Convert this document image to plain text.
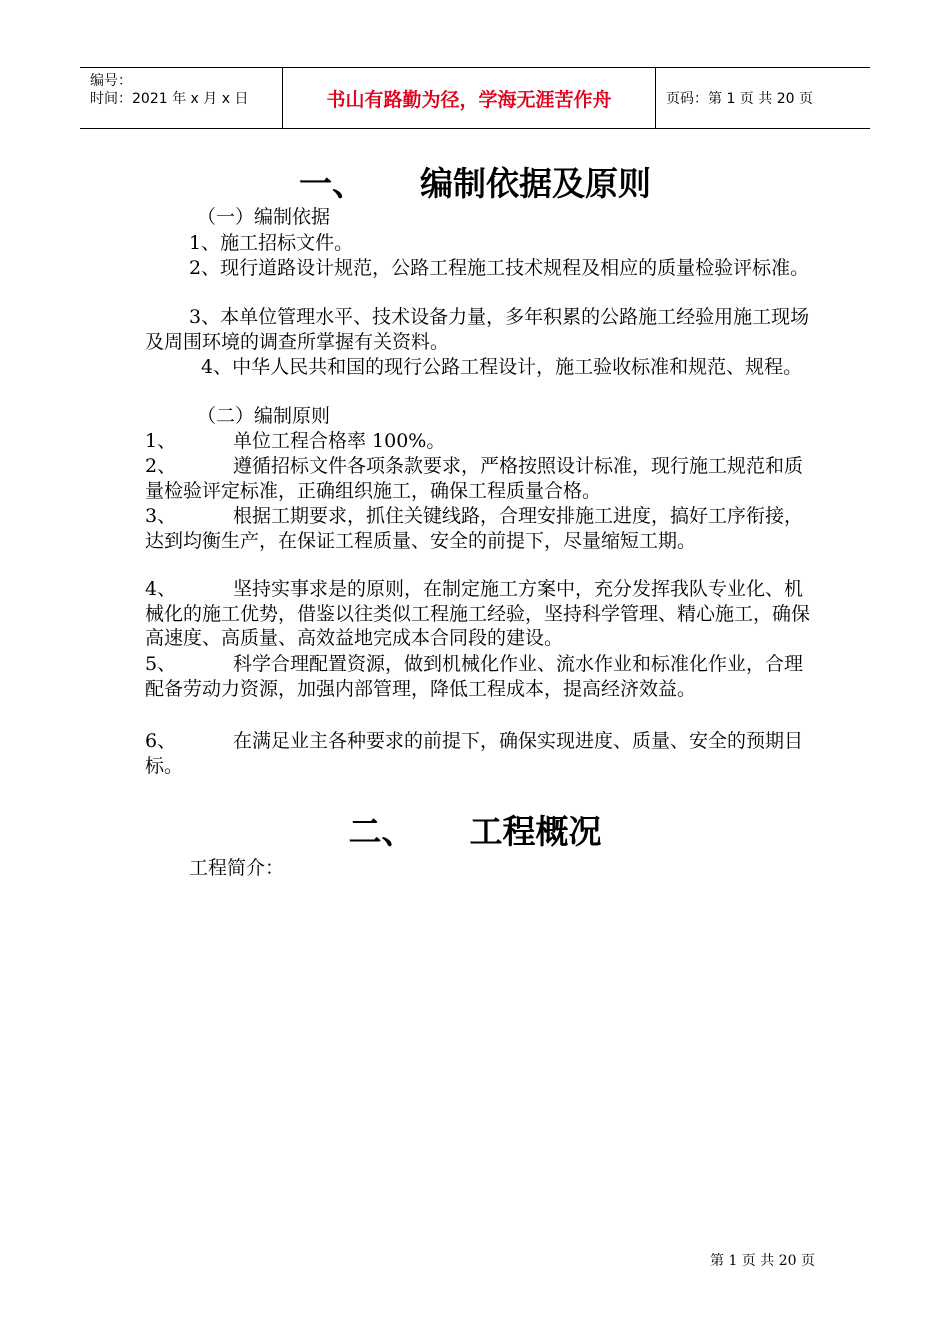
编号：
时间：2021 年 x 月 x 日	书山有路勤为径，学海无涯苦作舟	页码：第 1 页 共 20 页
一、 编制依据及原则
（一）编制依据
1、施工招标文件。
2、现行道路设计规范，公路工程施工技术规程及相应的质量检验评标准。
3、本单位管理水平、技术设备力量，多年积累的公路施工经验用施工现场及周围环境的调查所掌握有关资料。
4、中华人民共和国的现行公路工程设计，施工验收标准和规范、规程。
（二）编制原则
1、	单位工程合格率 100%。
2、	遵循招标文件各项条款要求，严格按照设计标准，现行施工规范和质量检验评定标准，正确组织施工，确保工程质量合格。
3、	根据工期要求，抓住关键线路，合理安排施工进度，搞好工序衔接，达到均衡生产，在保证工程质量、安全的前提下，尽量缩短工期。
4、	坚持实事求是的原则，在制定施工方案中，充分发挥我队专业化、机械化的施工优势，借鉴以往类似工程施工经验，坚持科学管理、精心施工，确保高速度、高质量、高效益地完成本合同段的建设。
5、	科学合理配置资源，做到机械化作业、流水作业和标准化作业，合理配备劳动力资源，加强内部管理，降低工程成本，提高经济效益。
6、	在满足业主各种要求的前提下，确保实现进度、质量、安全的预期目标。
二、 工程概况
工程简介：
第 1 页 共 20 页
